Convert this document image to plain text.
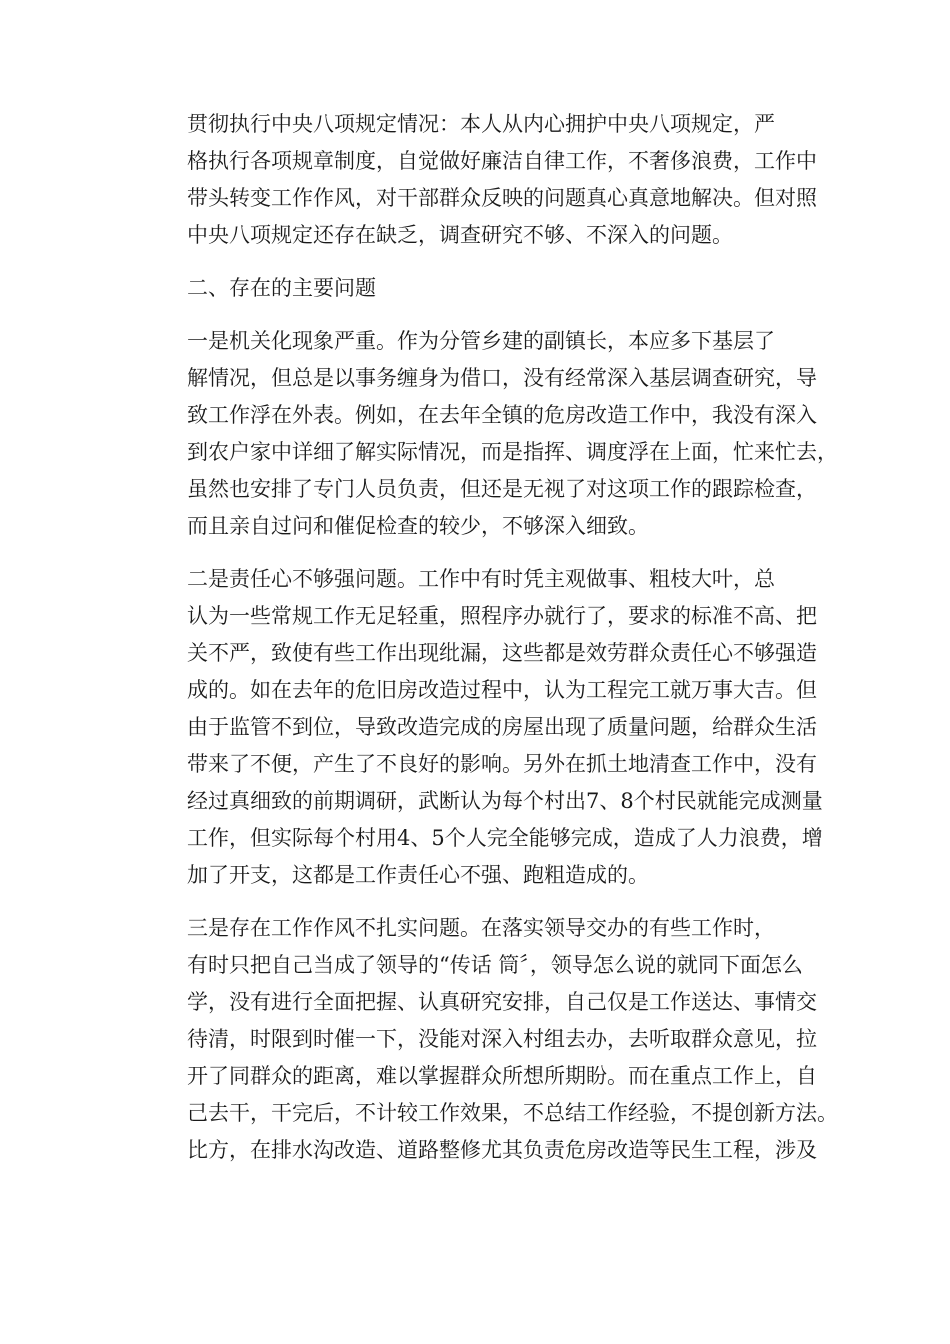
贯彻执行中央八项规定情况：本人从内心拥护中央八项规定，严
格执行各项规章制度，自觉做好廉洁自律工作，不奢侈浪费，工作中
带头转变工作作风，对干部群众反映的问题真心真意地解决。但对照
中央八项规定还存在缺乏，调查研究不够、不深入的问题。

二、存在的主要问题

一是机关化现象严重。作为分管乡建的副镇长，本应多下基层了
解情况，但总是以事务缠身为借口，没有经常深入基层调查研究，导
致工作浮在外表。例如，在去年全镇的危房改造工作中，我没有深入
到农户家中详细了解实际情况，而是指挥、调度浮在上面，忙来忙去，
虽然也安排了专门人员负责，但还是无视了对这项工作的跟踪检查，
而且亲自过问和催促检查的较少，不够深入细致。

二是责任心不够强问题。工作中有时凭主观做事、粗枝大叶，总
认为一些常规工作无足轻重，照程序办就行了，要求的标准不高、把
关不严，致使有些工作出现纰漏，这些都是效劳群众责任心不够强造
成的。如在去年的危旧房改造过程中，认为工程完工就万事大吉。但
由于监管不到位，导致改造完成的房屋出现了质量问题，给群众生活
带来了不便，产生了不良好的影响。另外在抓土地清查工作中，没有
经过真细致的前期调研，武断认为每个村出7、8个村民就能完成测量
工作，但实际每个村用4、5个人完全能够完成，造成了人力浪费，增
加了开支，这都是工作责任心不强、跑粗造成的。

三是存在工作作风不扎实问题。在落实领导交办的有些工作时，
有时只把自己当成了领导的“传话 筒〞，领导怎么说的就同下面怎么
学，没有进行全面把握、认真研究安排，自己仅是工作送达、事情交
待清，时限到时催一下，没能对深入村组去办，去听取群众意见，拉
开了同群众的距离，难以掌握群众所想所期盼。而在重点工作上，自
己去干，干完后，不计较工作效果，不总结工作经验，不提创新方法。
比方，在排水沟改造、道路整修尤其负责危房改造等民生工程，涉及
